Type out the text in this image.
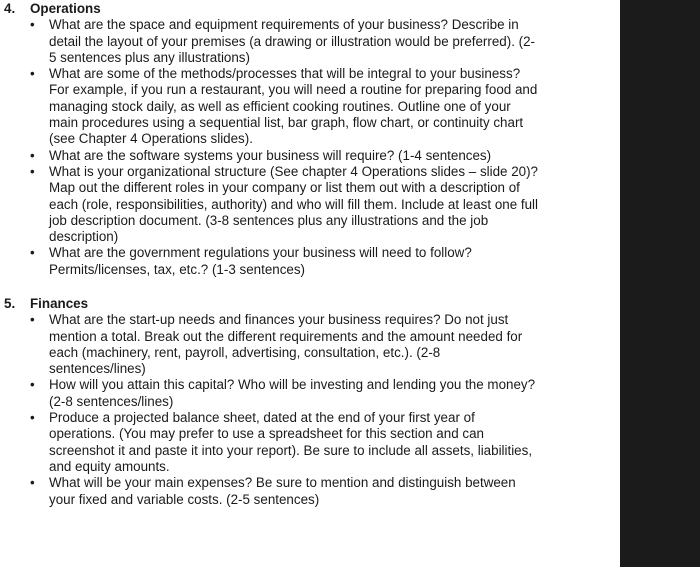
4.	Operations
•	What are the space and equipment requirements of your business? Describe in detail the layout of your premises (a drawing or illustration would be preferred). (2-5 sentences plus any illustrations)
•	What are some of the methods/processes that will be integral to your business? For example, if you run a restaurant, you will need a routine for preparing food and managing stock daily, as well as efficient cooking routines. Outline one of your main procedures using a sequential list, bar graph, flow chart, or continuity chart (see Chapter 4 Operations slides).
•	What are the software systems your business will require? (1-4 sentences)
•	What is your organizational structure (See chapter 4 Operations slides – slide 20)? Map out the different roles in your company or list them out with a description of each (role, responsibilities, authority) and who will fill them. Include at least one full job description document. (3-8 sentences plus any illustrations and the job description)
•	What are the government regulations your business will need to follow? Permits/licenses, tax, etc.? (1-3 sentences)
5.	Finances
•	What are the start-up needs and finances your business requires? Do not just mention a total. Break out the different requirements and the amount needed for each (machinery, rent, payroll, advertising, consultation, etc.). (2-8 sentences/lines)
•	How will you attain this capital? Who will be investing and lending you the money? (2-8 sentences/lines)
•	Produce a projected balance sheet, dated at the end of your first year of operations. (You may prefer to use a spreadsheet for this section and can screenshot it and paste it into your report). Be sure to include all assets, liabilities, and equity amounts.
•	What will be your main expenses? Be sure to mention and distinguish between your fixed and variable costs. (2-5 sentences)
